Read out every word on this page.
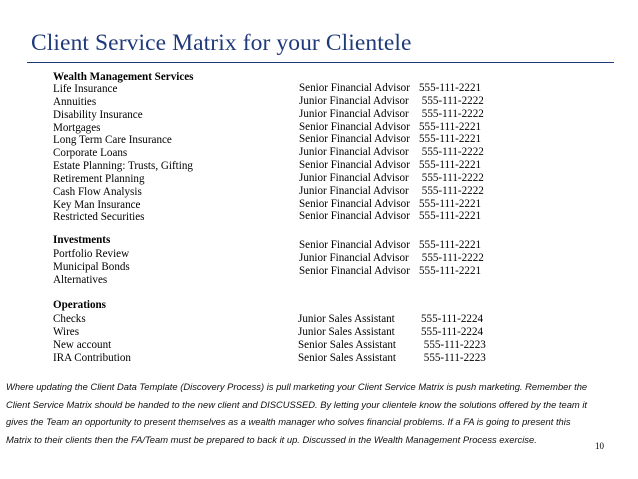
Client Service Matrix for your Clientele
Wealth Management Services
Life Insurance
Annuities
Disability Insurance
Mortgages
Long Term Care Insurance
Corporate Loans
Estate Planning: Trusts, Gifting
Retirement Planning
Cash Flow Analysis
Key Man Insurance
Restricted Securities
Senior Financial Advisor 555-111-2221
Junior Financial Advisor 555-111-2222
Junior Financial Advisor 555-111-2222
Senior Financial Advisor 555-111-2221
Senior Financial Advisor 555-111-2221
Junior Financial Advisor 555-111-2222
Senior Financial Advisor 555-111-2221
Junior Financial Advisor 555-111-2222
Junior Financial Advisor 555-111-2222
Senior Financial Advisor 555-111-2221
Senior Financial Advisor 555-111-2221
Investments
Portfolio Review
Municipal Bonds
Alternatives
Senior Financial Advisor 555-111-2221
Junior Financial Advisor 555-111-2222
Senior Financial Advisor 555-111-2221
Operations
Checks
Wires
New account
IRA Contribution
Junior Sales Assistant 555-111-2224
Junior Sales Assistant 555-111-2224
Senior Sales Assistant 555-111-2223
Senior Sales Assistant 555-111-2223
Where updating the Client Data Template (Discovery Process) is pull marketing your Client Service Matrix is push marketing. Remember the Client Service Matrix should be handed to the new client and DISCUSSED. By letting your clientele know the solutions offered by the team it gives the Team an opportunity to present themselves as a wealth manager who solves financial problems. If a FA is going to present this Matrix to their clients then the FA/Team must be prepared to back it up. Discussed in the Wealth Management Process exercise.
10
